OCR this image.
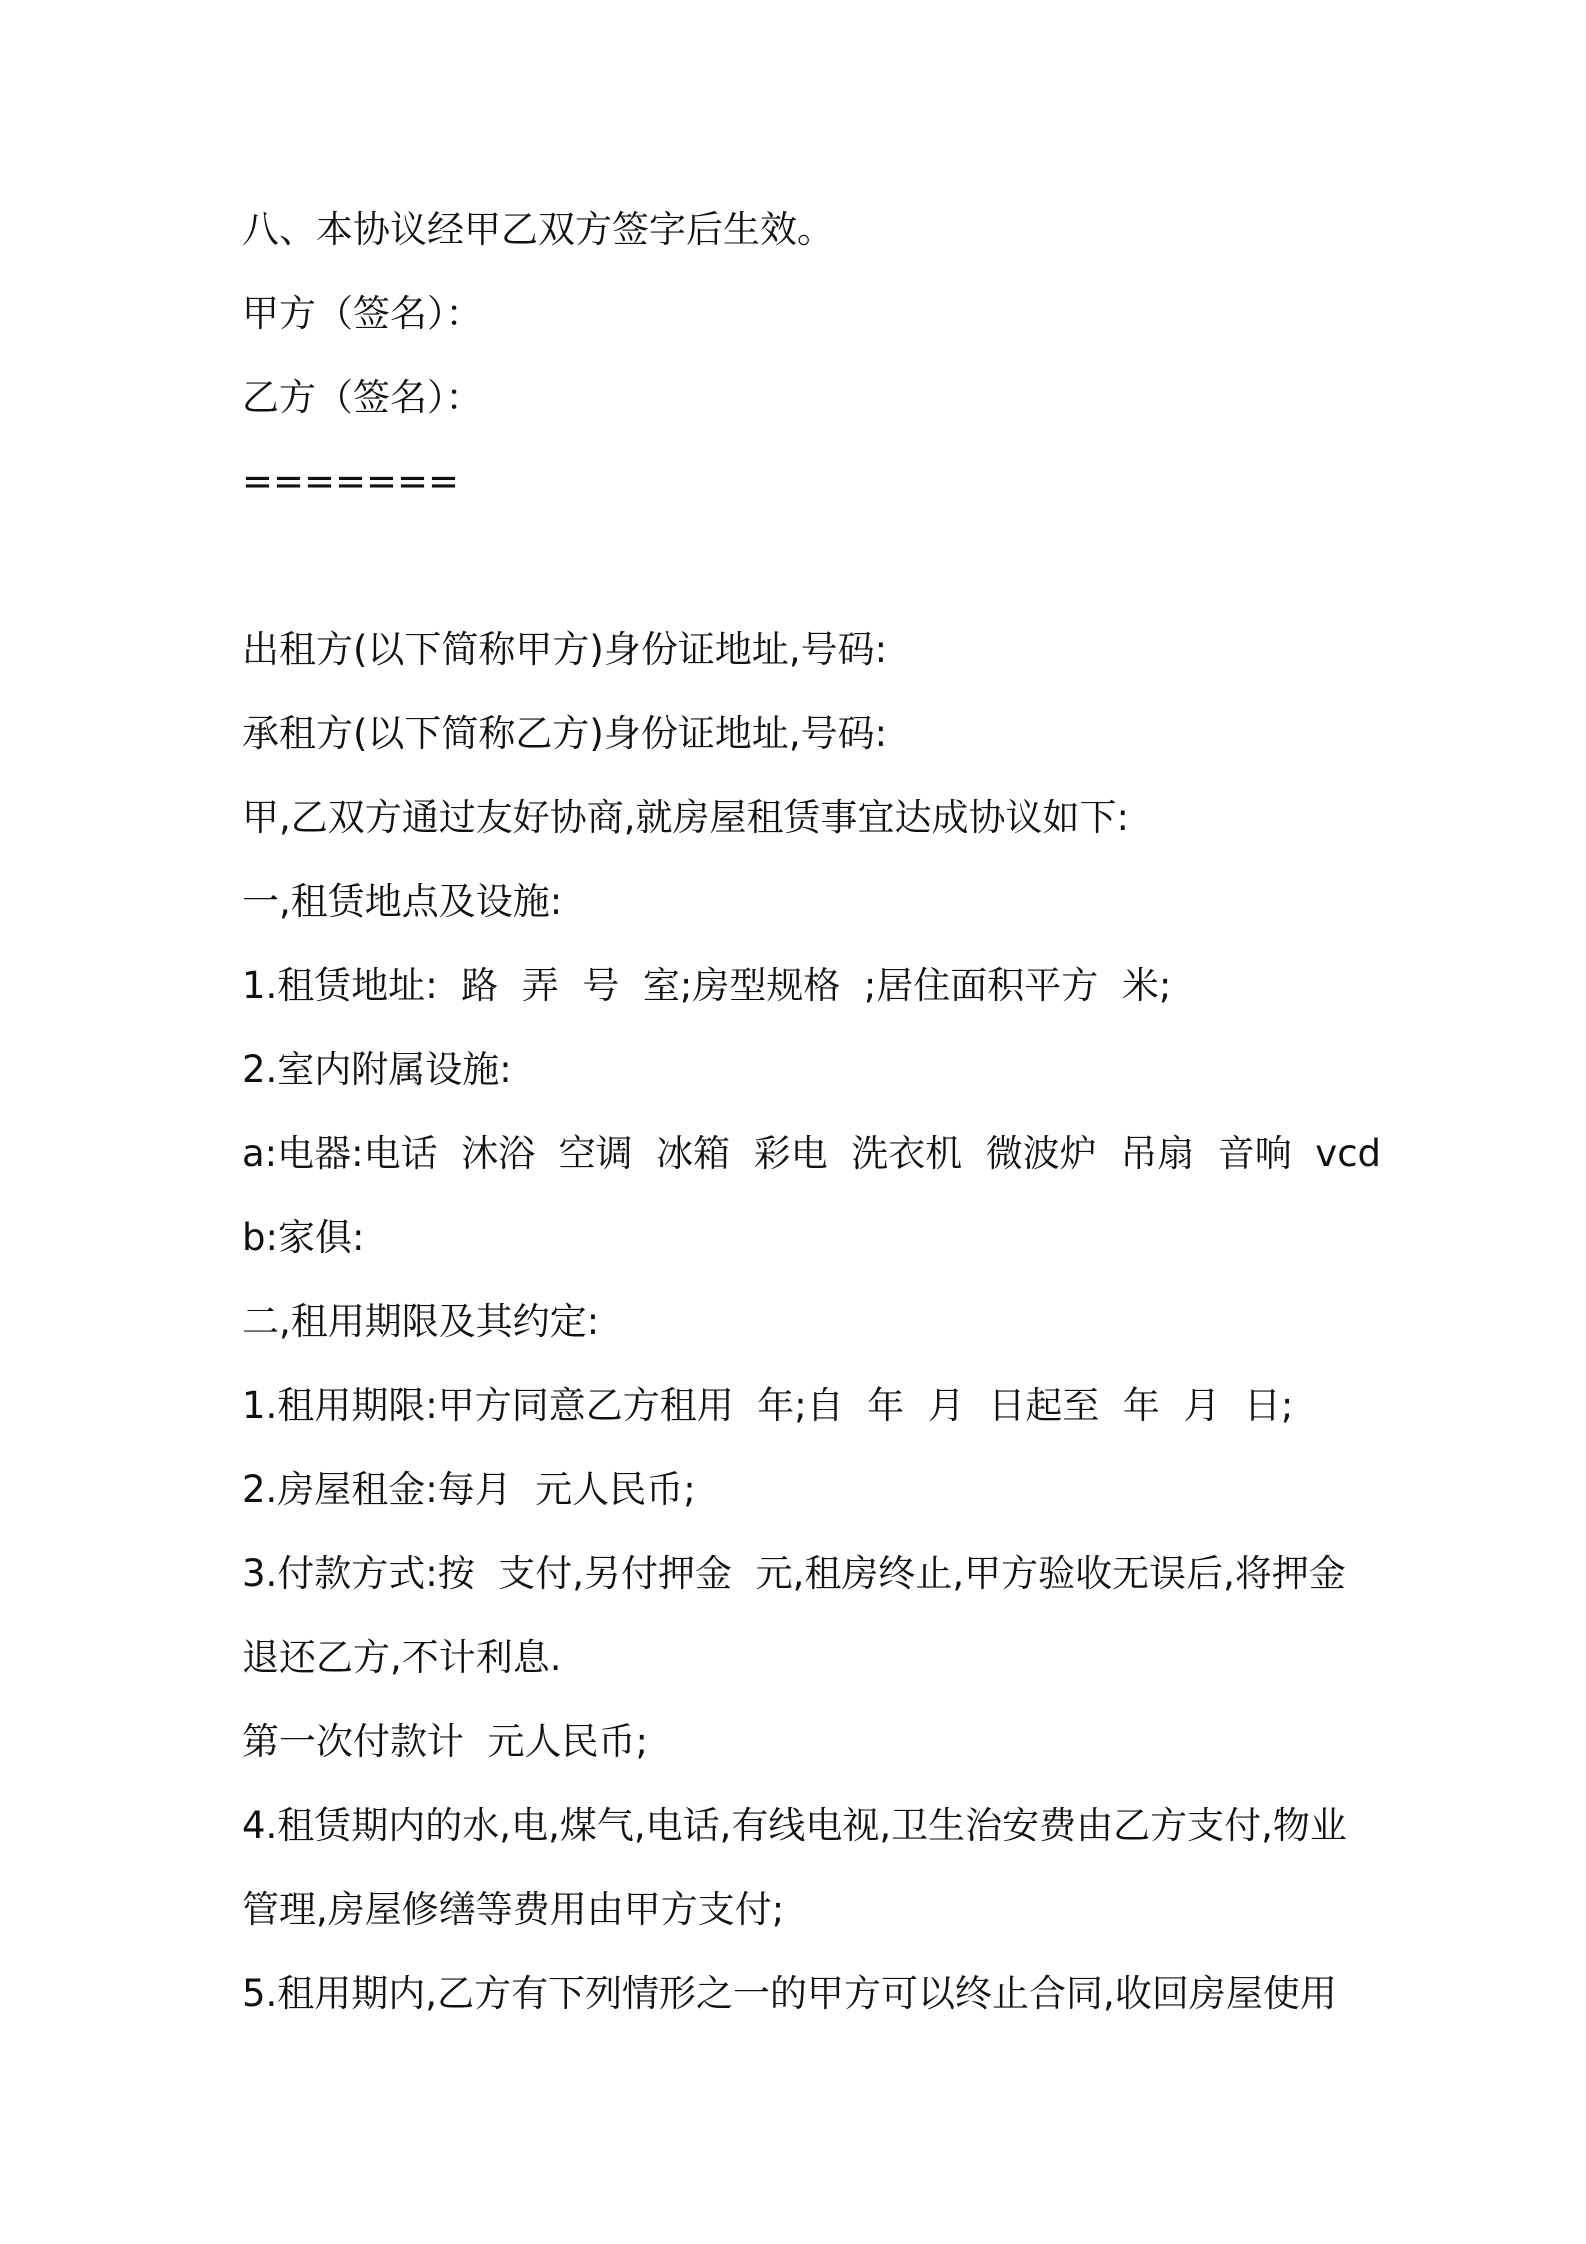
八、本协议经甲乙双方签字后生效。

甲方（签名）：

乙方（签名）：

=======

出租方(以下简称甲方)身份证地址,号码:

承租方(以下简称乙方)身份证地址,号码:

甲,乙双方通过友好协商,就房屋租赁事宜达成协议如下:

一,租赁地点及设施:

1.租赁地址:  路  弄  号  室;房型规格  ;居住面积平方  米;

2.室内附属设施:

a:电器:电话  沐浴  空调  冰箱  彩电  洗衣机  微波炉  吊扇  音响  vcd

b:家俱:

二,租用期限及其约定:

1.租用期限:甲方同意乙方租用  年;自  年  月  日起至  年  月  日;

2.房屋租金:每月  元人民币;

3.付款方式:按  支付,另付押金  元,租房终止,甲方验收无误后,将押金

退还乙方,不计利息.

第一次付款计  元人民币;

4.租赁期内的水,电,煤气,电话,有线电视,卫生治安费由乙方支付,物业

管理,房屋修缮等费用由甲方支付;

5.租用期内,乙方有下列情形之一的甲方可以终止合同,收回房屋使用
